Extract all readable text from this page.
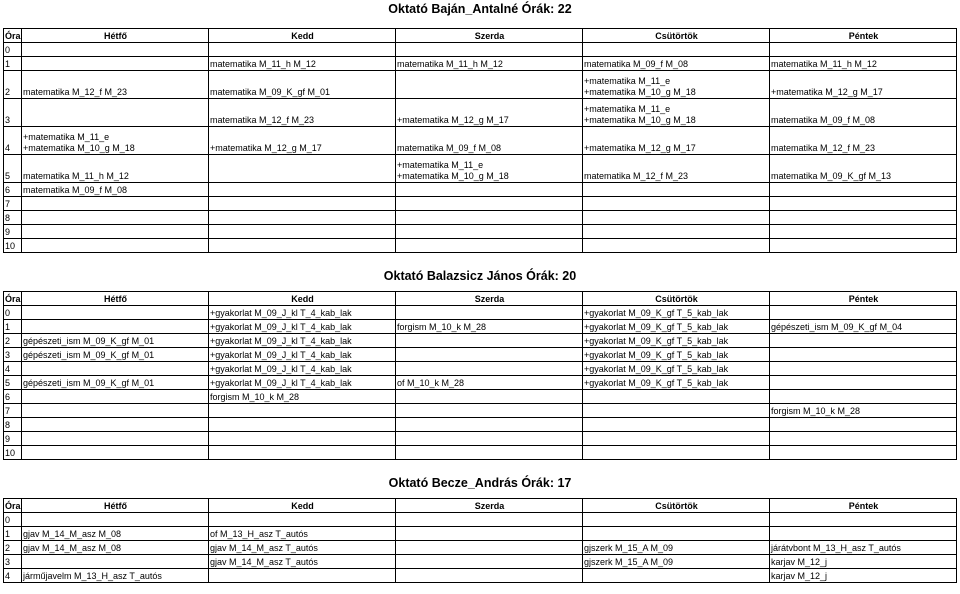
Oktató Baján_Antalné Órák: 22
Óra	Hétfő	Kedd	Szerda	Csütörtök	Péntek
0					
1		matematika M_11_h M_12	matematika M_11_h M_12	matematika M_09_f M_08	matematika M_11_h M_12
2	matematika M_12_f M_23	matematika M_09_K_gf M_01		+matematika M_11_e
+matematika M_10_g M_18	+matematika M_12_g M_17
3		matematika M_12_f M_23	+matematika M_12_g M_17	+matematika M_11_e
+matematika M_10_g M_18	matematika M_09_f M_08
4	+matematika M_11_e
+matematika M_10_g M_18	+matematika M_12_g M_17	matematika M_09_f M_08	+matematika M_12_g M_17	matematika M_12_f M_23
5	matematika M_11_h M_12		+matematika M_11_e
+matematika M_10_g M_18	matematika M_12_f M_23	matematika M_09_K_gf M_13
6	matematika M_09_f M_08				
7					
8					
9					
10					
Oktató Balazsicz János Órák: 20
Óra	Hétfő	Kedd	Szerda	Csütörtök	Péntek
0		+gyakorlat M_09_J_kl T_4_kab_lak		+gyakorlat M_09_K_gf T_5_kab_lak	
1		+gyakorlat M_09_J_kl T_4_kab_lak	forgism M_10_k M_28	+gyakorlat M_09_K_gf T_5_kab_lak	gépészeti_ism M_09_K_gf M_04
2	gépészeti_ism M_09_K_gf M_01	+gyakorlat M_09_J_kl T_4_kab_lak		+gyakorlat M_09_K_gf T_5_kab_lak	
3	gépészeti_ism M_09_K_gf M_01	+gyakorlat M_09_J_kl T_4_kab_lak		+gyakorlat M_09_K_gf T_5_kab_lak	
4		+gyakorlat M_09_J_kl T_4_kab_lak		+gyakorlat M_09_K_gf T_5_kab_lak	
5	gépészeti_ism M_09_K_gf M_01	+gyakorlat M_09_J_kl T_4_kab_lak	of M_10_k M_28	+gyakorlat M_09_K_gf T_5_kab_lak	
6		forgism M_10_k M_28			
7					forgism M_10_k M_28
8					
9					
10					
Oktató Becze_András Órák: 17
Óra	Hétfő	Kedd	Szerda	Csütörtök	Péntek
0					
1	gjav M_14_M_asz M_08	of M_13_H_asz T_autós			
2	gjav M_14_M_asz M_08	gjav M_14_M_asz T_autós		gjszerk M_15_A M_09	járátvbont M_13_H_asz T_autós
3		gjav M_14_M_asz T_autós		gjszerk M_15_A M_09	karjav M_12_j
4	járműjavelm M_13_H_asz T_autós				karjav M_12_j
